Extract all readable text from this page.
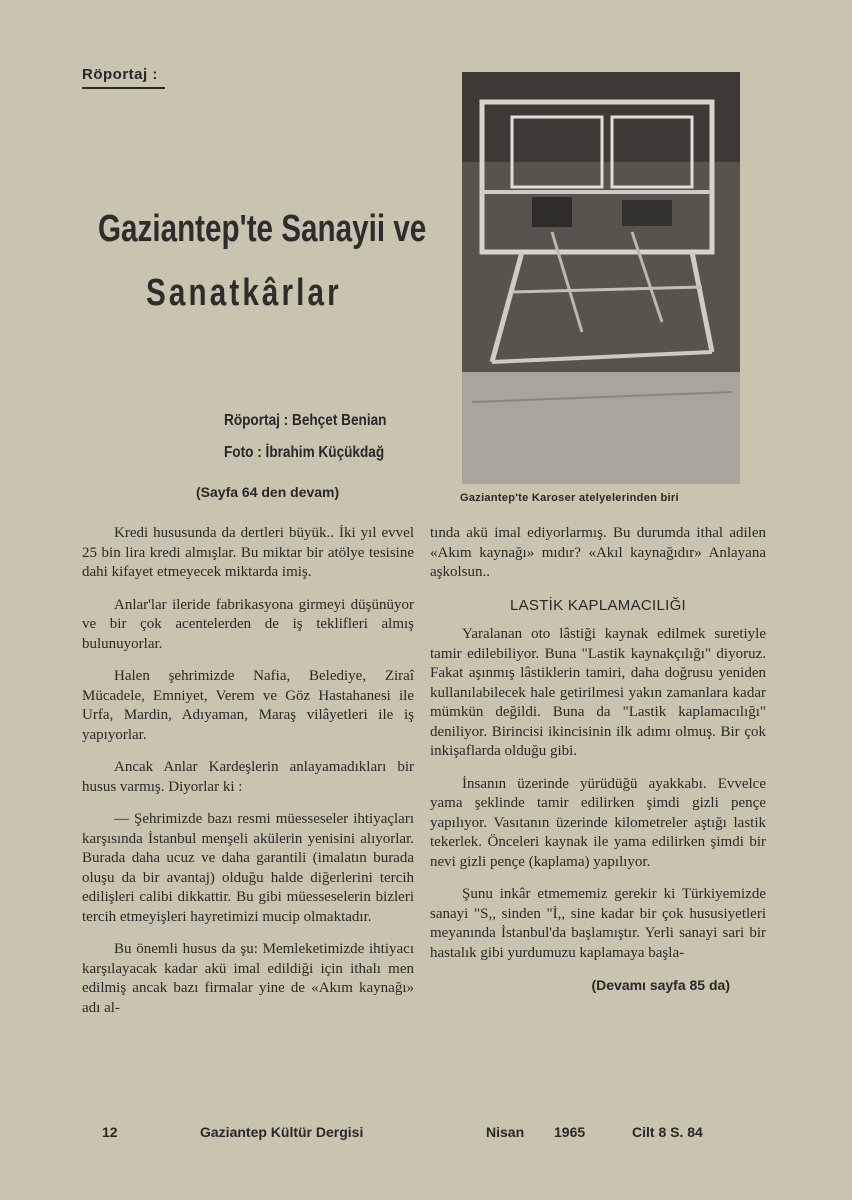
Röportaj :
Gaziantep'te Sanayii ve
Sanatkârlar
Röportaj : Behçet Benian
Foto : İbrahim Küçükdağ
(Sayfa 64 den devam)	Gaziantep'te Karoser atelyelerinden biri

Kredi hususunda da dertleri büyük.. İki yıl evvel 25 bin lira kredi almışlar. Bu miktar bir atölye tesisine dahi kifayet etmeyecek miktarda imiş.

Anlar'lar ileride fabrikasyona girmeyi düşünüyor ve bir çok acentelerden de iş teklifleri almış bulunuyorlar.

Halen şehrimizde Nafia, Belediye, Ziraî Mücadele, Emniyet, Verem ve Göz Hastahanesi ile Urfa, Mardin, Adıyaman, Maraş vilâyetleri ile iş yapıyorlar.

Ancak Anlar Kardeşlerin anlayamadıkları bir husus varmış. Diyorlar ki :

— Şehrimizde bazı resmi müesseseler ihtiyaçları karşısında İstanbul menşeli akülerin yenisini alıyorlar. Burada daha ucuz ve daha garantili (imalatın burada oluşu da bir avantaj) olduğu halde diğerlerini tercih edilişleri calibi dikkattir. Bu gibi müesseselerin bizleri tercih etmeyişleri hayretimizi mucip olmaktadır.

Bu önemli husus da şu: Memleketimizde ihtiyacı karşılayacak kadar akü imal edildiği için ithalı men edilmiş ancak bazı firmalar yine de «Akım kaynağı» adı al-

tında akü imal ediyorlarmış. Bu durumda ithal adilen «Akım kaynağı» mıdır? «Akıl kaynağıdır» Anlayana aşkolsun..

LASTİK KAPLAMACILIĞI

Yaralanan oto lâstiği kaynak edilmek suretiyle tamir edilebiliyor. Buna "Lastik kaynakçılığı" diyoruz. Fakat aşınmış lâstiklerin tamiri, daha doğrusu yeniden kullanılabilecek hale getirilmesi yakın zamanlara kadar mümkün değildi. Buna da "Lastik kaplamacılığı" deniliyor. Birincisi ikincisinin ilk adımı olmuş. Bir çok inkişaflarda olduğu gibi.

İnsanın üzerinde yürüdüğü ayakkabı. Evvelce yama şeklinde tamir edilirken şimdi gizli pençe yapılıyor. Vasıtanın üzerinde kilometreler aştığı lastik tekerlek. Önceleri kaynak ile yama edilirken şimdi bir nevi gizli pençe (kaplama) yapılıyor.

Şunu inkâr etmememiz gerekir ki Türkiyemizde sanayi "S,, sinden "İ,, sine kadar bir çok hususiyetleri meyanında İstanbul'da başlamıştır. Yerli sanayi sari bir hastalık gibi yurdumuzu kaplamaya başla-

(Devamı sayfa 85 da)
12	Gaziantep Kültür Dergisi	Nisan 1965	Cilt 8 S. 84
